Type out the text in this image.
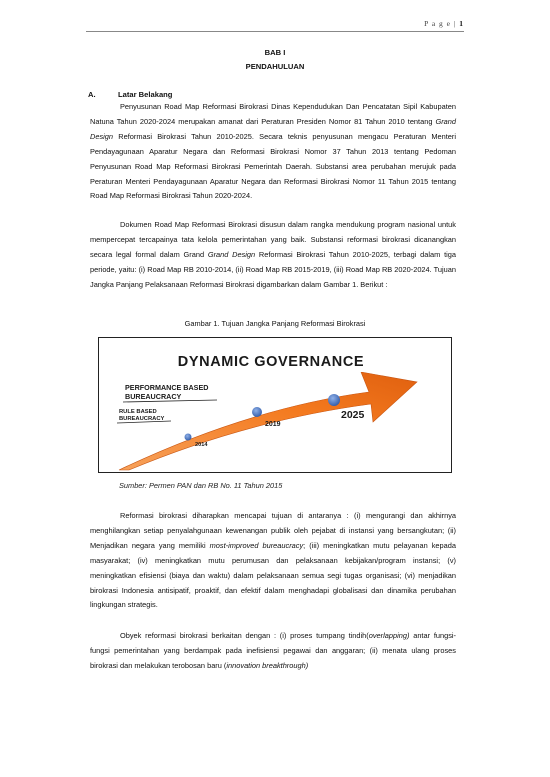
P a g e | 1
BAB I
PENDAHULUAN
A.	Latar Belakang

Penyusunan Road Map Reformasi Birokrasi Dinas Kependudukan Dan Pencatatan Sipil Kabupaten Natuna Tahun 2020-2024 merupakan amanat dari Peraturan Presiden Nomor 81 Tahun 2010 tentang Grand Design Reformasi Birokrasi Tahun 2010-2025. Secara teknis penyusunan mengacu Peraturan Menteri Pendayagunaan Aparatur Negara dan Reformasi Birokrasi Nomor 37 Tahun 2013 tentang Pedoman Penyusunan Road Map Reformasi Birokrasi Pemerintah Daerah. Substansi area perubahan merujuk pada Peraturan Menteri Pendayagunaan Aparatur Negara dan Reformasi Birokrasi Nomor 11 Tahun 2015 tentang Road Map Reformasi Birokrasi Tahun 2020-2024.

Dokumen Road Map Reformasi Birokrasi disusun dalam rangka mendukung program nasional untuk mempercepat tercapainya tata kelola pemerintahan yang baik. Substansi reformasi birokrasi dicanangkan secara legal formal dalam Grand Grand Design Reformasi Birokrasi Tahun 2010-2025, terbagi dalam tiga periode, yaitu: (i) Road Map RB 2010-2014, (ii) Road Map RB 2015-2019, (iii) Road Map RB 2020-2024. Tujuan Jangka Panjang Pelaksanaan Reformasi Birokrasi digambarkan dalam Gambar 1. Berikut :

Gambar 1. Tujuan Jangka Panjang Reformasi Birokrasi
DYNAMIC GOVERNANCE
PERFORMANCE BASED
BUREAUCRACY
RULE BASED
BUREAUCRACY
2014
2019
2025
Sumber: Permen PAN dan RB No. 11 Tahun 2015

Reformasi birokrasi diharapkan mencapai tujuan di antaranya : (i) mengurangi dan akhirnya menghilangkan setiap penyalahgunaan kewenangan publik oleh pejabat di instansi yang bersangkutan; (ii) Menjadikan negara yang memiliki most-improved bureaucracy; (iii) meningkatkan mutu pelayanan kepada masyarakat; (iv) meningkatkan mutu perumusan dan pelaksanaan kebijakan/program instansi; (v) meningkatkan efisiensi (biaya dan waktu) dalam pelaksanaan semua segi tugas organisasi; (vi) menjadikan birokrasi Indonesia antisipatif, proaktif, dan efektif dalam menghadapi globalisasi dan dinamika perubahan lingkungan strategis.

Obyek reformasi birokrasi berkaitan dengan : (i) proses tumpang tindih(overlapping) antar fungsi-fungsi pemerintahan yang berdampak pada inefisiensi pegawai dan anggaran; (ii) menata ulang proses birokrasi dan melakukan terobosan baru (innovation breakthrough)
